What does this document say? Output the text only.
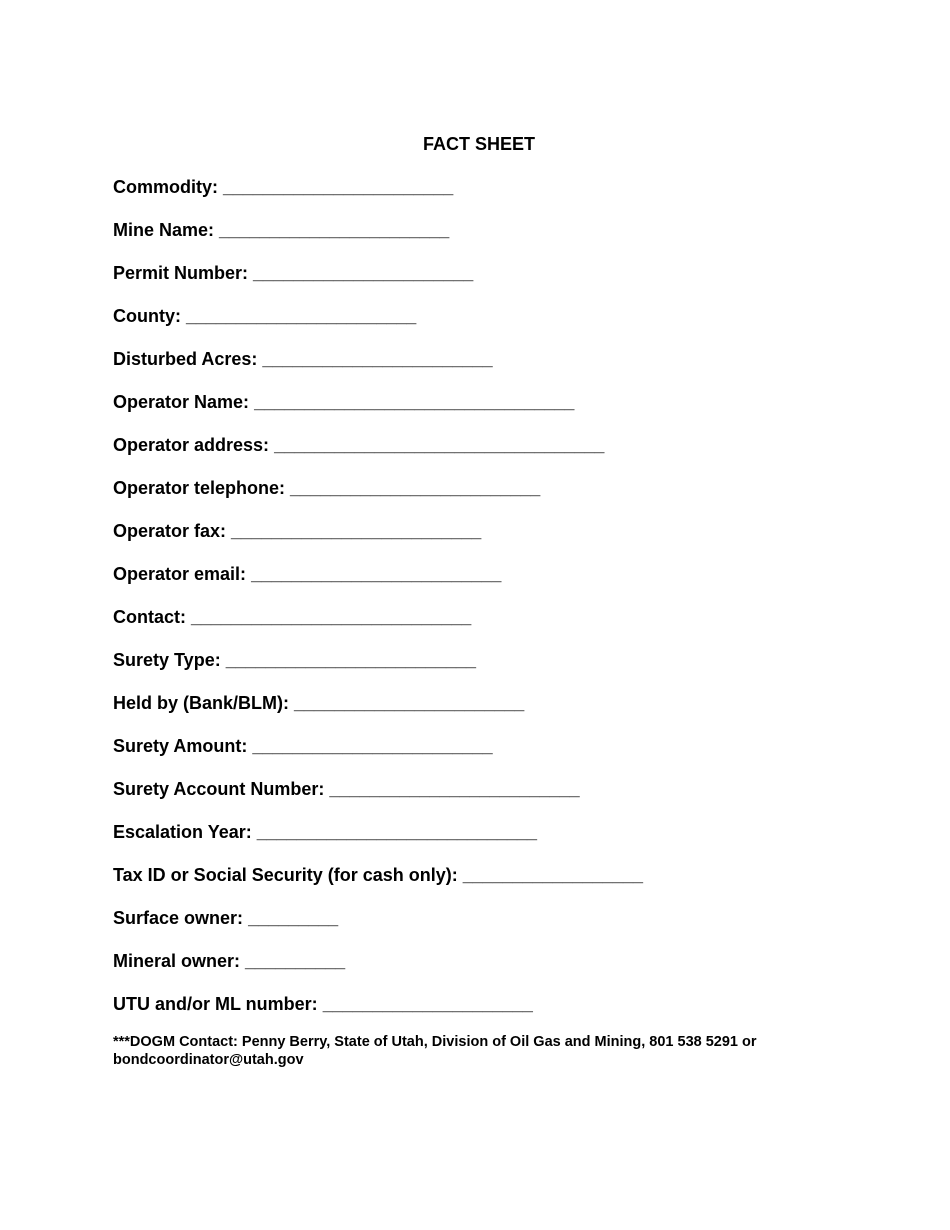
FACT SHEET
Commodity: _______________________
Mine Name: _______________________
Permit Number: ______________________
County: _______________________
Disturbed Acres: _______________________
Operator Name: ________________________________
Operator address: _________________________________
Operator telephone: _________________________
Operator fax: _________________________
Operator email: _________________________
Contact: ____________________________
Surety Type: _________________________
Held by (Bank/BLM): _______________________
Surety Amount: ________________________
Surety Account Number: _________________________
Escalation Year: ____________________________
Tax ID or Social Security (for cash only): __________________
Surface owner: _________
Mineral owner: __________
UTU and/or ML number: _____________________

***DOGM Contact: Penny Berry, State of Utah, Division of Oil Gas and Mining, 801 538 5291 or

bondcoordinator@utah.gov
